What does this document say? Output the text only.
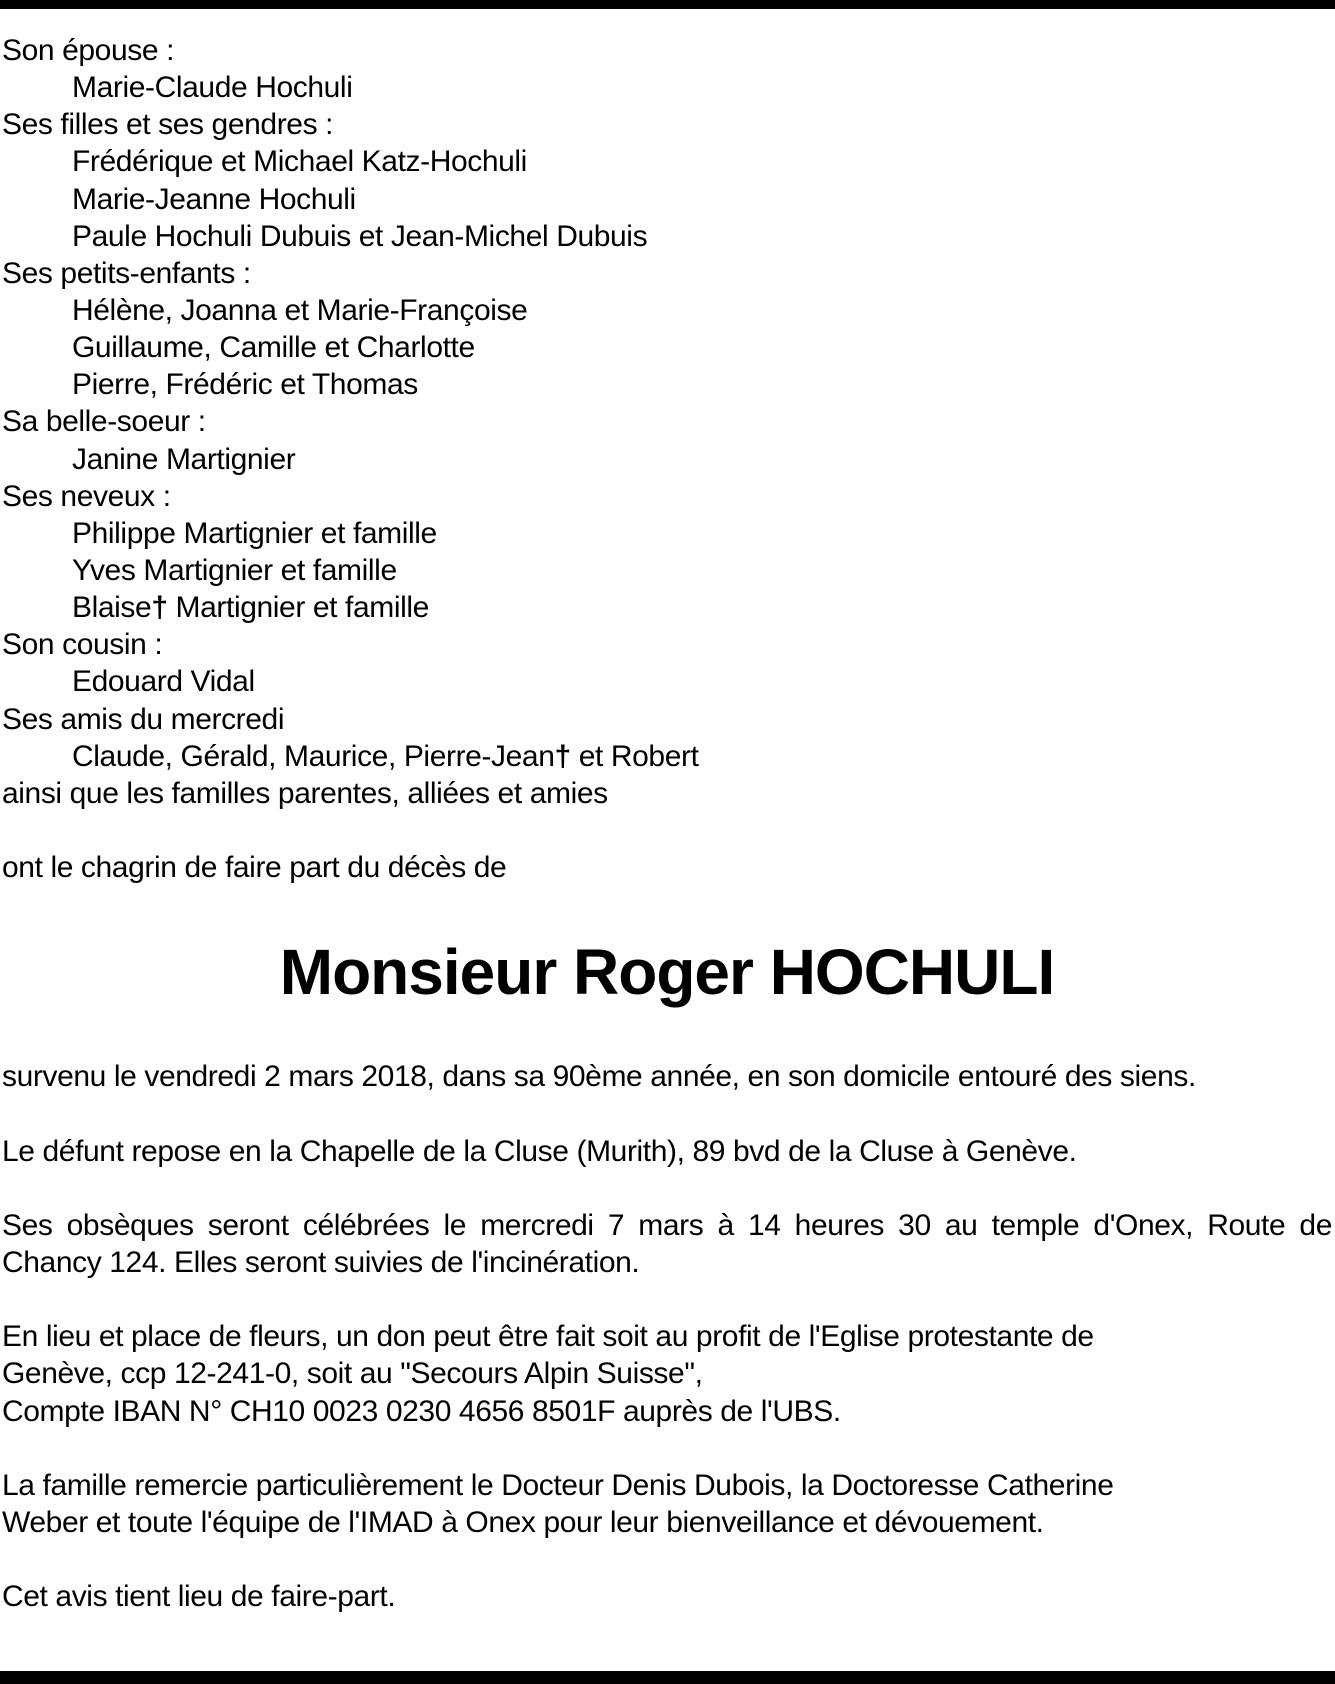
Son épouse :
Marie-Claude Hochuli
Ses filles et ses gendres :
Frédérique et Michael Katz-Hochuli
Marie-Jeanne Hochuli
Paule Hochuli Dubuis et Jean-Michel Dubuis
Ses petits-enfants :
Hélène, Joanna et Marie-Françoise
Guillaume, Camille et Charlotte
Pierre, Frédéric et Thomas
Sa belle-soeur :
Janine Martignier
Ses neveux :
Philippe Martignier et famille
Yves Martignier et famille
Blaise† Martignier et famille
Son cousin :
Edouard Vidal
Ses amis du mercredi
Claude, Gérald, Maurice, Pierre-Jean† et Robert
ainsi que les familles parentes, alliées et amies
ont le chagrin de faire part du décès de
Monsieur Roger HOCHULI
survenu le vendredi 2 mars 2018, dans sa 90ème année, en son domicile entouré des siens.
Le défunt repose en la Chapelle de la Cluse (Murith), 89 bvd de la Cluse à Genève.
Ses obsèques seront célébrées le mercredi 7 mars à 14 heures 30 au temple d'Onex, Route de Chancy 124. Elles seront suivies de l'incinération.
En lieu et place de fleurs, un don peut être fait soit au profit de l'Eglise protestante de
Genève, ccp 12-241-0, soit au "Secours Alpin Suisse",
Compte IBAN N° CH10 0023 0230 4656 8501F auprès de l'UBS.
La famille remercie particulièrement le Docteur Denis Dubois, la Doctoresse Catherine
Weber et toute l'équipe de l'IMAD à Onex pour leur bienveillance et dévouement.
Cet avis tient lieu de faire-part.
